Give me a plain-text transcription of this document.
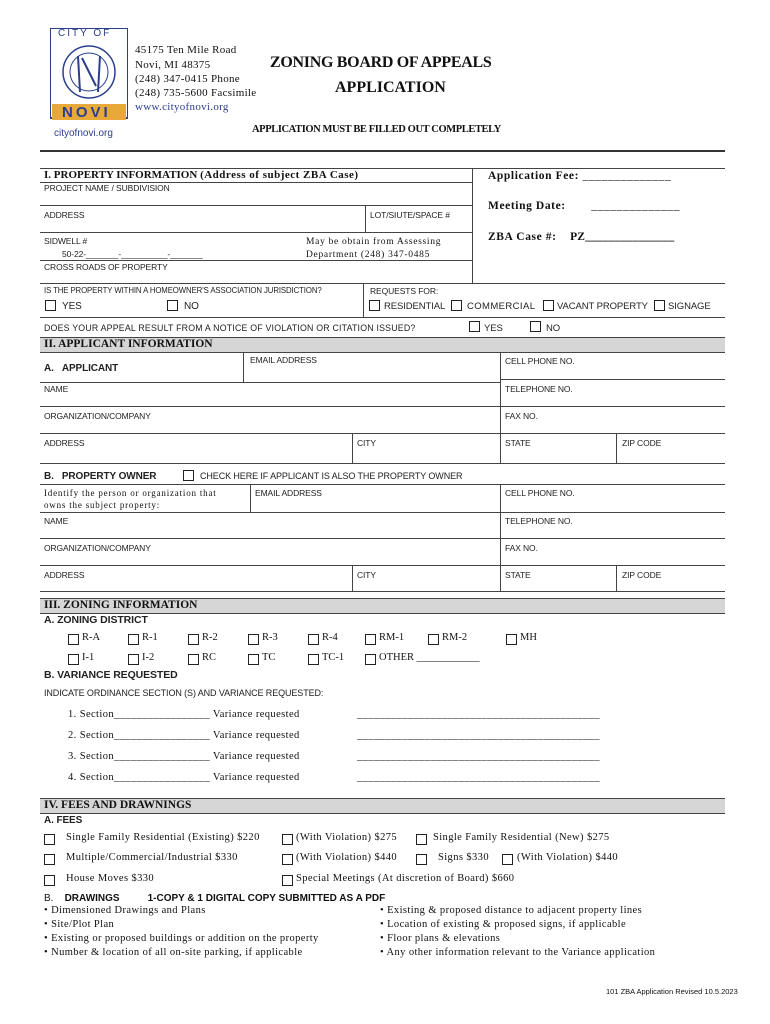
CITY OF
NOVI
cityofnovi.org
45175 Ten Mile Road
Novi, MI 48375
(248) 347-0415 Phone
(248) 735-5600 Facsimile
www.cityofnovi.org
ZONING BOARD OF APPEALS
APPLICATION
APPLICATION MUST BE FILLED OUT COMPLETELY
I. PROPERTY INFORMATION (Address of subject ZBA Case)	Application Fee: ______________
Meeting Date: ______________
ZBA Case #: PZ_______________
PROJECT NAME / SUBDIVISION
ADDRESS	LOT/SIUTE/SPACE #
SIDWELL #
50-22-_______-__________-_______
May be obtain from Assessing
Department (248) 347-0485
CROSS ROADS OF PROPERTY
IS THE PROPERTY WITHIN A HOMEOWNER'S ASSOCIATION JURISDICTION?	REQUESTS FOR:
YES	NO	RESIDENTIAL COMMERCIAL VACANT PROPERTY SIGNAGE
DOES YOUR APPEAL RESULT FROM A NOTICE OF VIOLATION OR CITATION ISSUED?	YES	NO
II. APPLICANT INFORMATION
A. APPLICANT
EMAIL ADDRESS	CELL PHONE NO.
NAME	TELEPHONE NO.
ORGANIZATION/COMPANY	FAX NO.
ADDRESS	CITY	STATE	ZIP CODE
B. PROPERTY OWNER	CHECK HERE IF APPLICANT IS ALSO THE PROPERTY OWNER
Identify the person or organization that
owns the subject property:
EMAIL ADDRESS	CELL PHONE NO.
NAME	TELEPHONE NO.
ORGANIZATION/COMPANY	FAX NO.
ADDRESS	CITY	STATE	ZIP CODE
III. ZONING INFORMATION
A. ZONING DISTRICT
R-A	R-1	R-2	R-3	R-4	RM-1	RM-2	MH
I-1	I-2	RC	TC	TC-1	OTHER ____________
B. VARIANCE REQUESTED
INDICATE ORDINANCE SECTION (S) AND VARIANCE REQUESTED:
1. Section_________________ Variance requested	___________________________________________
2. Section_________________ Variance requested	___________________________________________
3. Section_________________ Variance requested	___________________________________________
4. Section_________________ Variance requested	___________________________________________
IV. FEES AND DRAWNINGS
A. FEES
Single Family Residential (Existing) $220	(With Violation) $275	Single Family Residential (New) $275
Multiple/Commercial/Industrial $330	(With Violation) $440	Signs $330	(With Violation) $440
House Moves $330	Special Meetings (At discretion of Board) $660
B. DRAWINGS	1-COPY & 1 DIGITAL COPY SUBMITTED AS A PDF
• Dimensioned Drawings and Plans
• Site/Plot Plan
• Existing or proposed buildings or addition on the property
• Number & location of all on-site parking, if applicable
• Existing & proposed distance to adjacent property lines
• Location of existing & proposed signs, if applicable
• Floor plans & elevations
• Any other information relevant to the Variance application
101 ZBA Application Revised 10.5.2023
